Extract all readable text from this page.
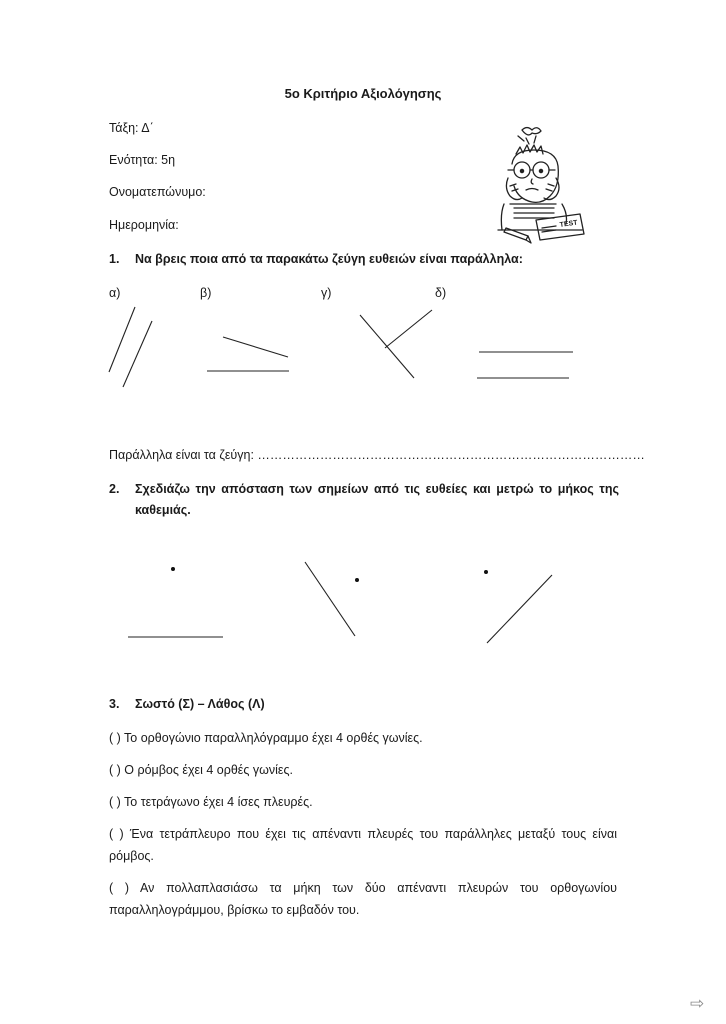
5ο Κριτήριο Αξιολόγησης
Τάξη: Δ΄
Ενότητα: 5η
Ονοματεπώνυμο:
Ημερομηνία:	TEST
1. Να βρεις ποια από τα παρακάτω ζεύγη ευθειών είναι παράλληλα:
α)	β)	γ)	δ)
Παράλληλα είναι τα ζεύγη: …………………………………………………………………………………
2. Σχεδιάζω την απόσταση των σημείων από τις ευθείες και μετρώ το μήκος της καθεμιάς.
3. Σωστό (Σ) – Λάθος (Λ)
( ) Το ορθογώνιο παραλληλόγραμμο έχει 4 ορθές γωνίες.
( ) Ο ρόμβος έχει 4 ορθές γωνίες.
( ) Το τετράγωνο έχει 4 ίσες πλευρές.
( ) Ένα τετράπλευρο που έχει τις απέναντι πλευρές του παράλληλες μεταξύ τους είναι ρόμβος.
( ) Αν πολλαπλασιάσω τα μήκη των δύο απέναντι πλευρών του ορθογωνίου παραλληλογράμμου, βρίσκω το εμβαδόν του.
⇨
